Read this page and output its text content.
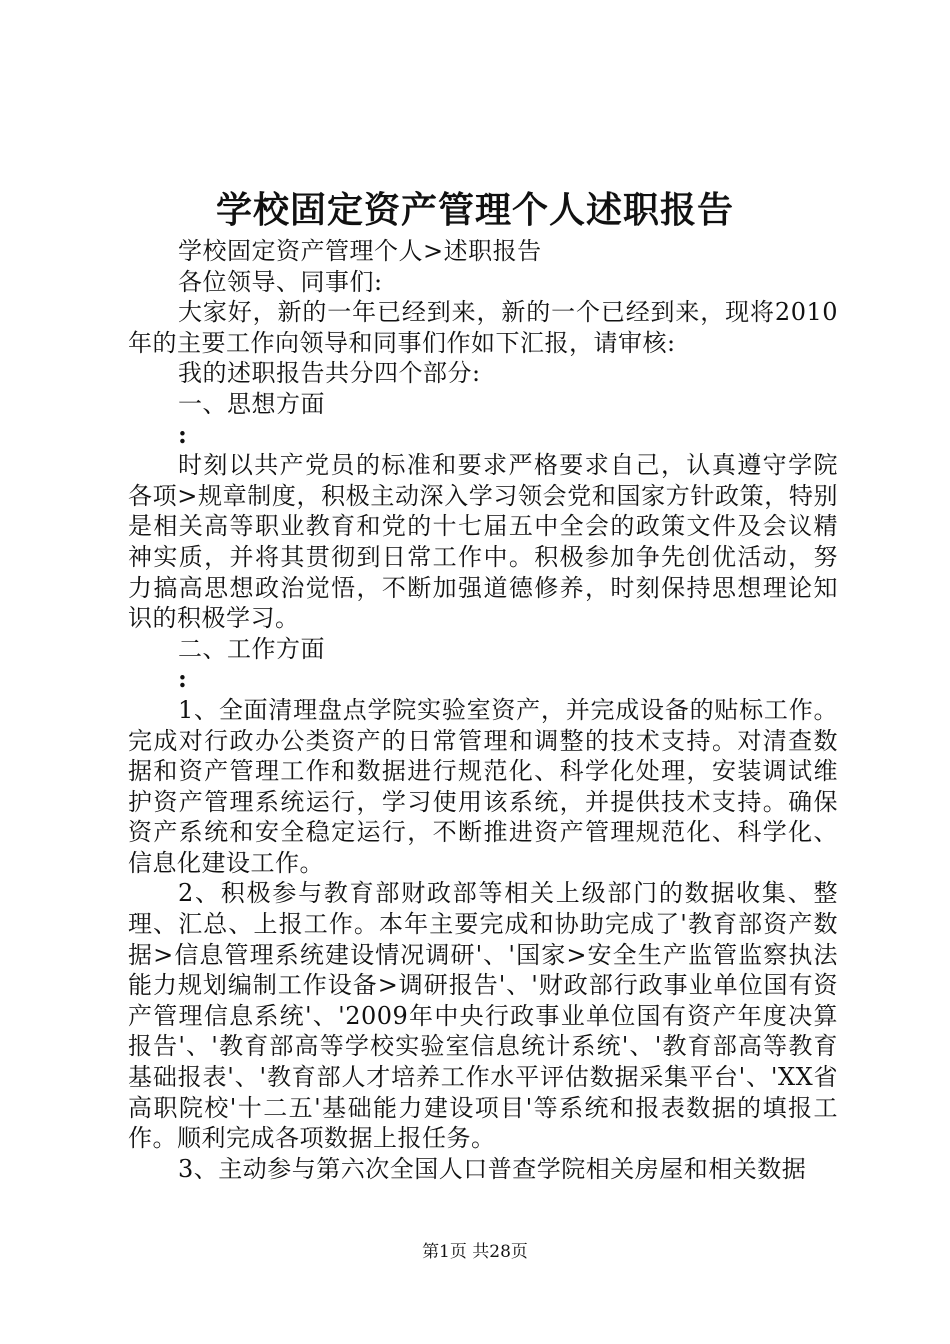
学校固定资产管理个人述职报告

学校固定资产管理个人>述职报告

各位领导、同事们:

大家好，新的一年已经到来，新的一个已经到来，现将2010年的主要工作向领导和同事们作如下汇报，请审核:

我的述职报告共分四个部分:

一、思想方面

:

时刻以共产党员的标准和要求严格要求自己，认真遵守学院各项>规章制度，积极主动深入学习领会党和国家方针政策，特别是相关高等职业教育和党的十七届五中全会的政策文件及会议精神实质，并将其贯彻到日常工作中。积极参加争先创优活动，努力搞高思想政治觉悟，不断加强道德修养，时刻保持思想理论知识的积极学习。

二、工作方面

:

1、全面清理盘点学院实验室资产，并完成设备的贴标工作。完成对行政办公类资产的日常管理和调整的技术支持。对清查数据和资产管理工作和数据进行规范化、科学化处理，安装调试维护资产管理系统运行，学习使用该系统，并提供技术支持。确保资产系统和安全稳定运行，不断推进资产管理规范化、科学化、信息化建设工作。

2、积极参与教育部财政部等相关上级部门的数据收集、整理、汇总、上报工作。本年主要完成和协助完成了'教育部资产数据>信息管理系统建设情况调研'、'国家>安全生产监管监察执法能力规划编制工作设备>调研报告'、'财政部行政事业单位国有资产管理信息系统'、'2009年中央行政事业单位国有资产年度决算报告'、'教育部高等学校实验室信息统计系统'、'教育部高等教育基础报表'、'教育部人才培养工作水平评估数据采集平台'、'XX省高职院校'十二五'基础能力建设项目'等系统和报表数据的填报工作。顺利完成各项数据上报任务。

3、主动参与第六次全国人口普查学院相关房屋和相关数据

第1页 共28页
